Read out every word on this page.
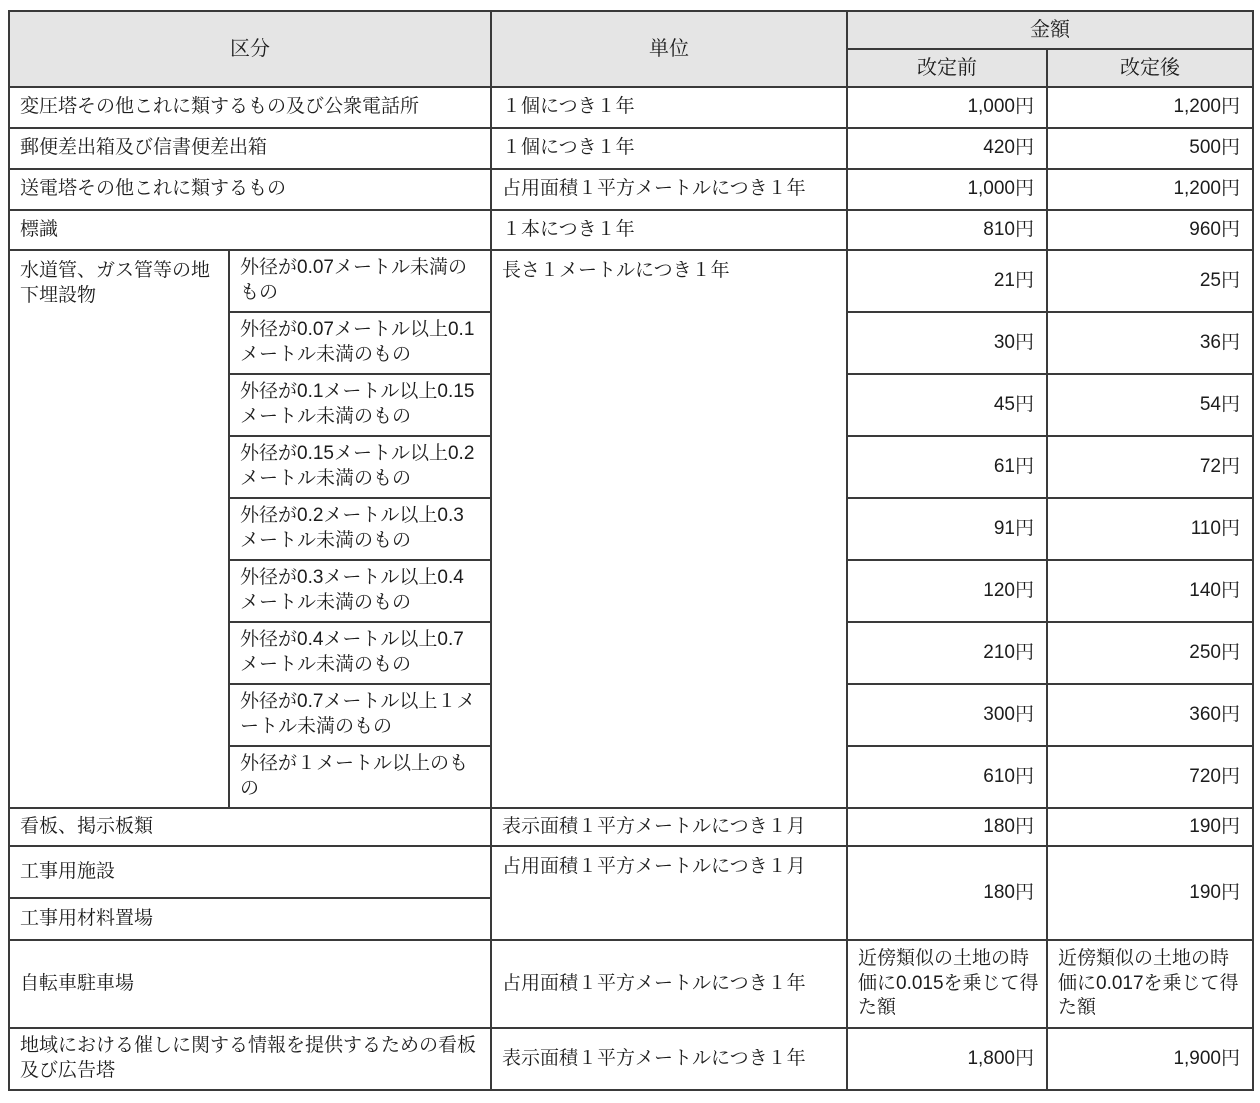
区分		単位	金額	
			改定前	改定後
変圧塔その他これに類するもの及び公衆電話所		１個につき１年	1,000円	1,200円
郵便差出箱及び信書便差出箱		１個につき１年	420円	500円
送電塔その他これに類するもの		占用面積１平方メートルにつき１年	1,000円	1,200円
標識		１本につき１年	810円	960円
水道管、ガス管等の地下埋設物	外径が0.07メートル未満のもの	長さ１メートルにつき１年	21円	25円
	外径が0.07メートル以上0.1メートル未満のもの		30円	36円
	外径が0.1メートル以上0.15メートル未満のもの		45円	54円
	外径が0.15メートル以上0.2メートル未満のもの		61円	72円
	外径が0.2メートル以上0.3メートル未満のもの		91円	110円
	外径が0.3メートル以上0.4メートル未満のもの		120円	140円
	外径が0.4メートル以上0.7メートル未満のもの		210円	250円
	外径が0.7メートル以上１メートル未満のもの		300円	360円
	外径が１メートル以上のもの		610円	720円
看板、掲示板類		表示面積１平方メートルにつき１月	180円	190円
工事用施設		占用面積１平方メートルにつき１月	180円	190円
工事用材料置場				
自転車駐車場		占用面積１平方メートルにつき１年	近傍類似の土地の時価に0.015を乗じて得た額	近傍類似の土地の時価に0.017を乗じて得た額
地域における催しに関する情報を提供するための看板及び広告塔		表示面積１平方メートルにつき１年	1,800円	1,900円
